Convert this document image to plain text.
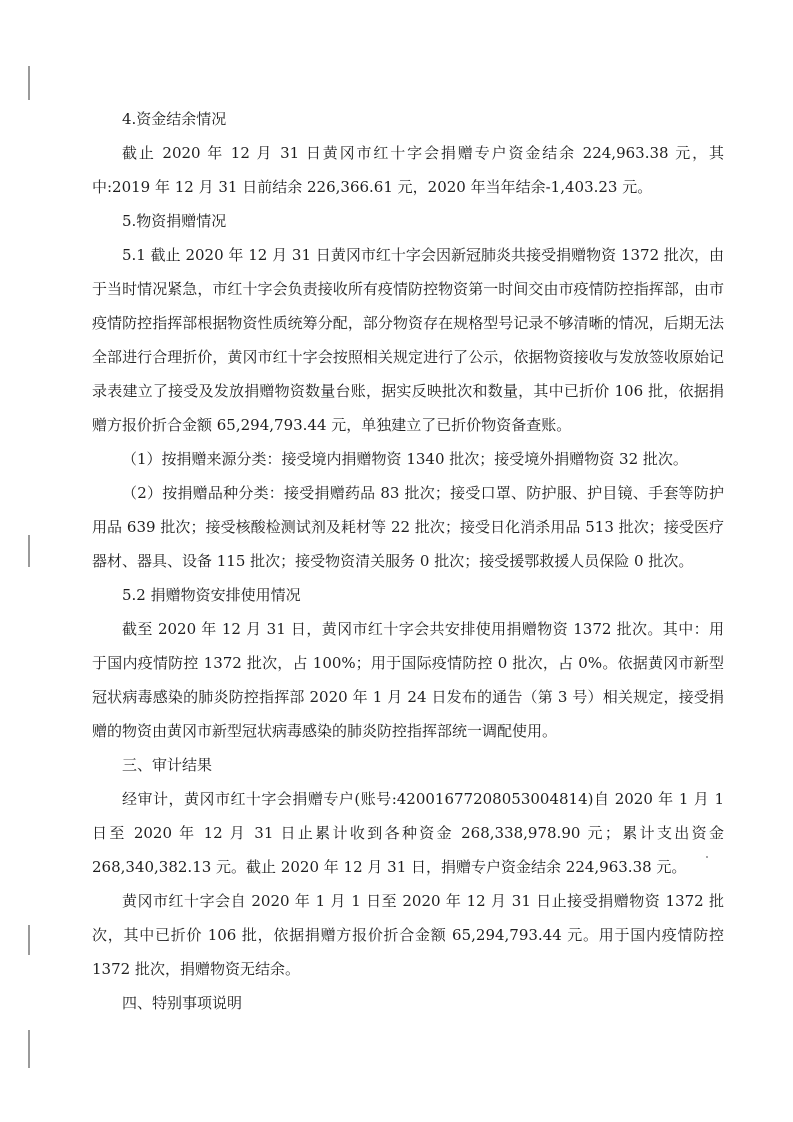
4.资金结余情况

截止 2020 年 12 月 31 日黄冈市红十字会捐赠专户资金结余 224,963.38 元，其中:2019 年 12 月 31 日前结余 226,366.61 元，2020 年当年结余-1,403.23 元。

5.物资捐赠情况

5.1 截止 2020 年 12 月 31 日黄冈市红十字会因新冠肺炎共接受捐赠物资 1372 批次，由于当时情况紧急，市红十字会负责接收所有疫情防控物资第一时间交由市疫情防控指挥部，由市疫情防控指挥部根据物资性质统筹分配，部分物资存在规格型号记录不够清晰的情况，后期无法全部进行合理折价，黄冈市红十字会按照相关规定进行了公示，依据物资接收与发放签收原始记录表建立了接受及发放捐赠物资数量台账，据实反映批次和数量，其中已折价 106 批，依据捐赠方报价折合金额 65,294,793.44 元，单独建立了已折价物资备查账。

（1）按捐赠来源分类：接受境内捐赠物资 1340 批次；接受境外捐赠物资 32 批次。

（2）按捐赠品种分类：接受捐赠药品 83 批次；接受口罩、防护服、护目镜、手套等防护用品 639 批次；接受核酸检测试剂及耗材等 22 批次；接受日化消杀用品 513 批次；接受医疗器材、器具、设备 115 批次；接受物资清关服务 0 批次；接受援鄂救援人员保险 0 批次。

5.2 捐赠物资安排使用情况

截至 2020 年 12 月 31 日，黄冈市红十字会共安排使用捐赠物资 1372 批次。其中：用于国内疫情防控 1372 批次，占 100%；用于国际疫情防控 0 批次，占 0%。依据黄冈市新型冠状病毒感染的肺炎防控指挥部 2020 年 1 月 24 日发布的通告（第 3 号）相关规定，接受捐赠的物资由黄冈市新型冠状病毒感染的肺炎防控指挥部统一调配使用。

三、审计结果

经审计，黄冈市红十字会捐赠专户(账号:42001677208053004814)自 2020 年 1 月 1 日至 2020 年 12 月 31 日止累计收到各种资金 268,338,978.90 元；累计支出资金 268,340,382.13 元。截止 2020 年 12 月 31 日，捐赠专户资金结余 224,963.38 元。

黄冈市红十字会自 2020 年 1 月 1 日至 2020 年 12 月 31 日止接受捐赠物资 1372 批次，其中已折价 106 批，依据捐赠方报价折合金额 65,294,793.44 元。用于国内疫情防控 1372 批次，捐赠物资无结余。

四、特别事项说明
